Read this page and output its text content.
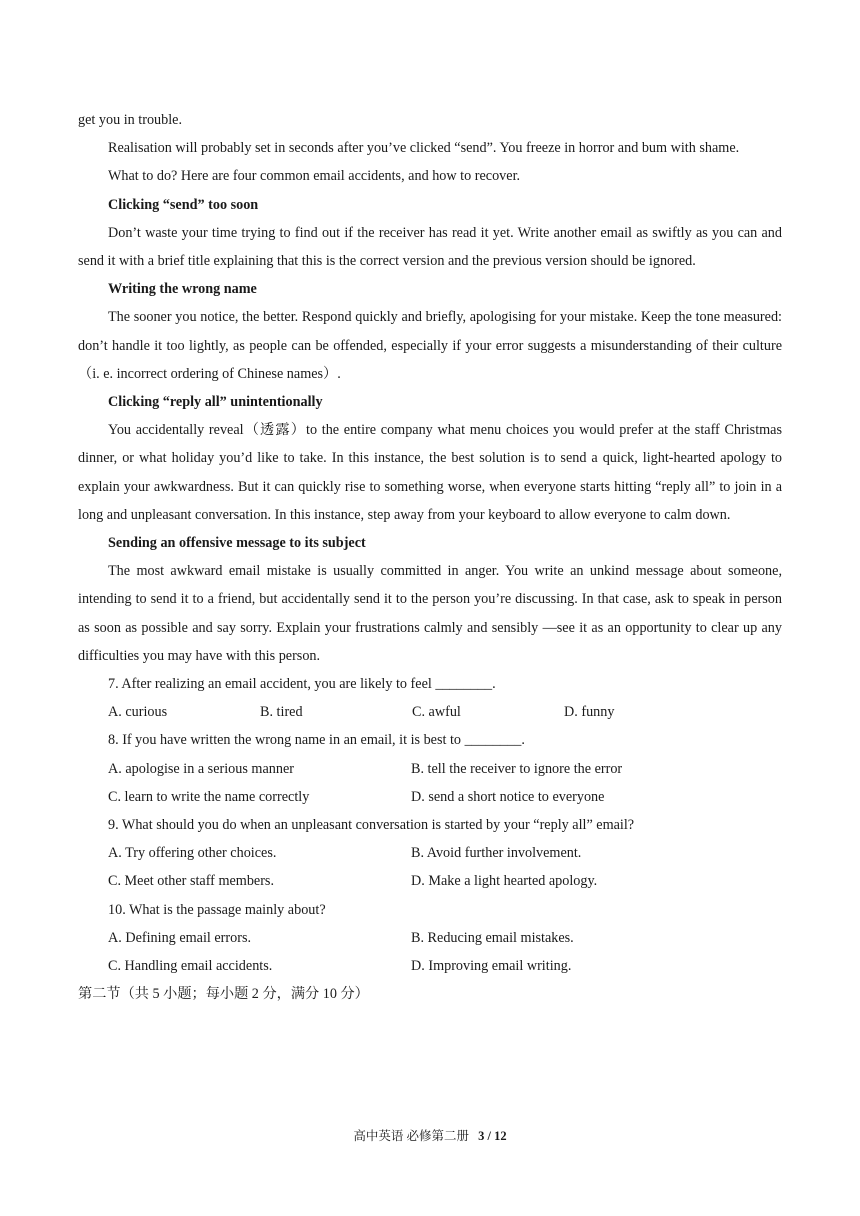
get you in trouble.

Realisation will probably set in seconds after you’ve clicked “send”. You freeze in horror and bum with shame.

What to do? Here are four common email accidents, and how to recover.

Clicking “send” too soon

Don’t waste your time trying to find out if the receiver has read it yet. Write another email as swiftly as you can and send it with a brief title explaining that this is the correct version and the previous version should be ignored.

Writing the wrong name

The sooner you notice, the better. Respond quickly and briefly, apologising for your mistake. Keep the tone measured: don’t handle it too lightly, as people can be offended, especially if your error suggests a misunderstanding of their culture （i. e. incorrect ordering of Chinese names）.

Clicking “reply all” unintentionally

You accidentally reveal（透露）to the entire company what menu choices you would prefer at the staff Christmas dinner, or what holiday you’d like to take. In this instance, the best solution is to send a quick, light-hearted apology to explain your awkwardness. But it can quickly rise to something worse, when everyone starts hitting “reply all” to join in a long and unpleasant conversation. In this instance, step away from your keyboard to allow everyone to calm down.

Sending an offensive message to its subject

The most awkward email mistake is usually committed in anger. You write an unkind message about someone, intending to send it to a friend, but accidentally send it to the person you’re discussing. In that case, ask to speak in person as soon as possible and say sorry. Explain your frustrations calmly and sensibly —see it as an opportunity to clear up any difficulties you may have with this person.

7. After realizing an email accident, you are likely to feel ________.

A. curious	B. tired	C. awful	D. funny

8. If you have written the wrong name in an email, it is best to ________.

A. apologise in a serious manner	B. tell the receiver to ignore the error
C. learn to write the name correctly	D. send a short notice to everyone

9. What should you do when an unpleasant conversation is started by your “reply all” email?

A. Try offering other choices.	B. Avoid further involvement.
C. Meet other staff members.	D. Make a light hearted apology.

10. What is the passage mainly about?

A. Defining email errors.	B. Reducing email mistakes.
C. Handling email accidents.	D. Improving email writing.

第二节（共 5 小题；每小题 2 分，满分 10 分）

高中英语 必修第二册 3 / 12
